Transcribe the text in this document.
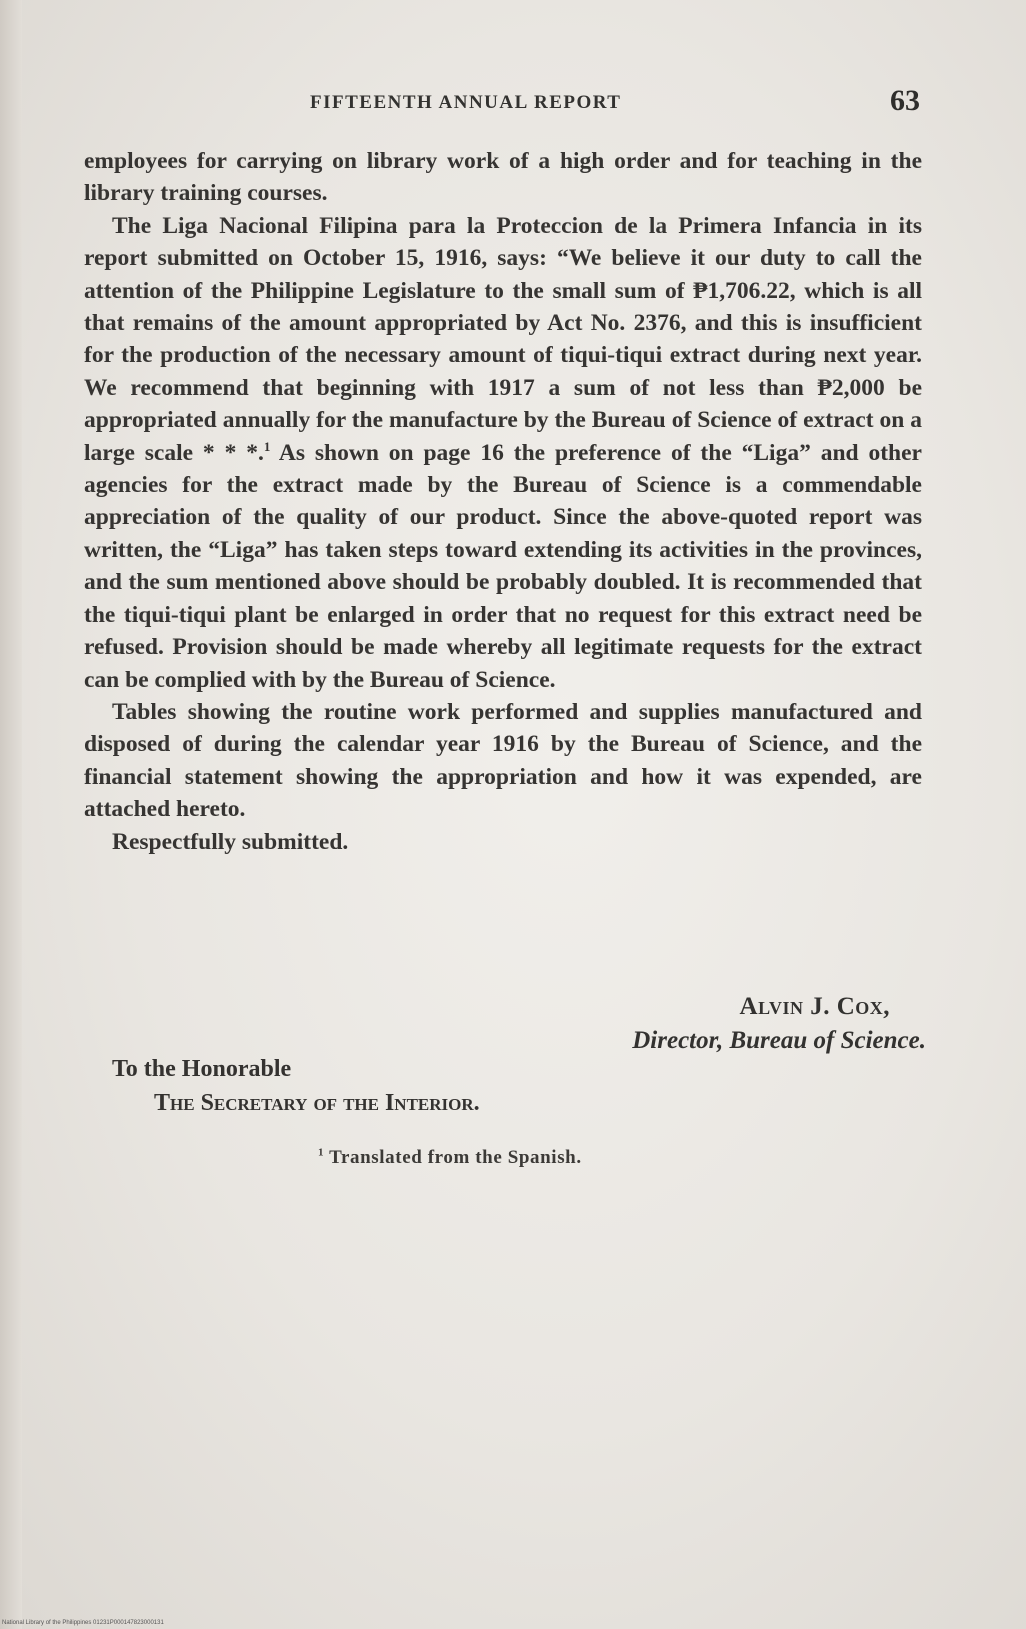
FIFTEENTH ANNUAL REPORT	63

employees for carrying on library work of a high order and for teaching in the library training courses.

The Liga Nacional Filipina para la Proteccion de la Primera Infancia in its report submitted on October 15, 1916, says: “We believe it our duty to call the attention of the Philippine Legislature to the small sum of ₱1,706.22, which is all that remains of the amount appropriated by Act No. 2376, and this is insufficient for the production of the necessary amount of tiqui-tiqui extract during next year. We recommend that beginning with 1917 a sum of not less than ₱2,000 be appropriated annually for the manufacture by the Bureau of Science of extract on a large scale * * *.$^1$ As shown on page 16 the preference of the “Liga” and other agencies for the extract made by the Bureau of Science is a commendable appreciation of the quality of our product. Since the above-quoted report was written, the “Liga” has taken steps toward extending its activities in the provinces, and the sum mentioned above should be probably doubled. It is recommended that the tiqui-tiqui plant be enlarged in order that no request for this extract need be refused. Provision should be made whereby all legitimate requests for the extract can be complied with by the Bureau of Science.

Tables showing the routine work performed and supplies manufactured and disposed of during the calendar year 1916 by the Bureau of Science, and the financial statement showing the appropriation and how it was expended, are attached hereto.

Respectfully submitted.

Alvin J. Cox,
Director, Bureau of Science.
To the Honorable
The Secretary of the Interior.
$^1$ Translated from the Spanish.
National Library of the Philippines 01231P000147823000131
